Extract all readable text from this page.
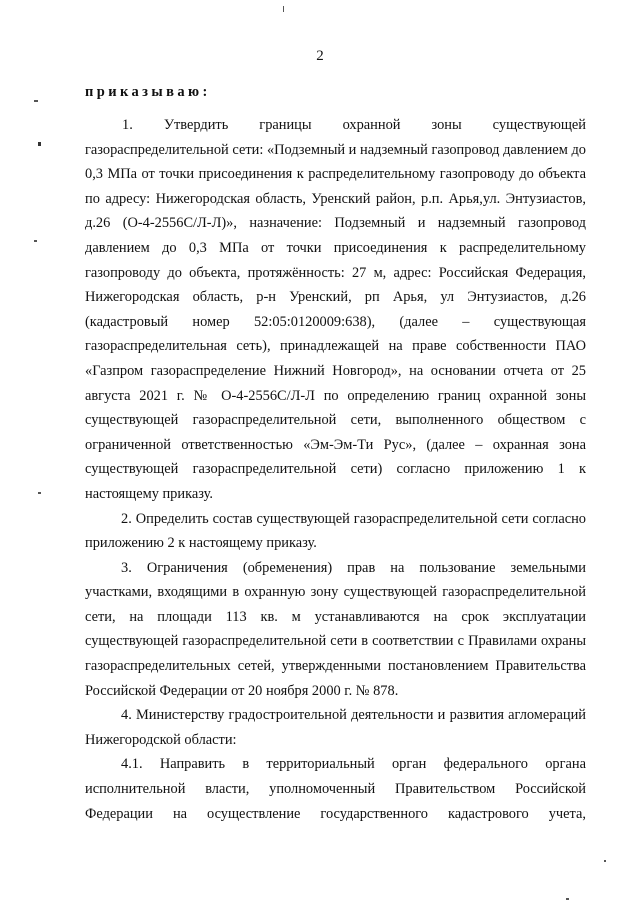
2
приказываю:

1. Утвердить границы охранной зоны существующей газораспределительной сети: «Подземный и надземный газопровод давлением до 0,3 МПа от точки присоединения к распределительному газопроводу до объекта по адресу: Нижегородская область, Уренский район, р.п. Арья,ул. Энтузиастов, д.26 (О-4-2556С/Л-Л)», назначение: Подземный и надземный газопровод давлением до 0,3 МПа от точки присоединения к распределительному газопроводу до объекта, протяжённость: 27 м, адрес: Российская Федерация, Нижегородская область, р-н Уренский, рп Арья, ул Энтузиастов, д.26 (кадастровый номер 52:05:0120009:638), (далее – существующая газораспределительная сеть), принадлежащей на праве собственности ПАО «Газпром газораспределение Нижний Новгород», на основании отчета от 25 августа 2021 г. № О-4-2556С/Л-Л по определению границ охранной зоны существующей газораспределительной сети, выполненного обществом с ограниченной ответственностью «Эм-Эм-Ти Рус», (далее – охранная зона существующей газораспределительной сети) согласно приложению 1 к настоящему приказу.

2. Определить состав существующей газораспределительной сети согласно приложению 2 к настоящему приказу.

3. Ограничения (обременения) прав на пользование земельными участками, входящими в охранную зону существующей газораспределительной сети, на площади 113 кв. м устанавливаются на срок эксплуатации существующей газораспределительной сети в соответствии с Правилами охраны газораспределительных сетей, утвержденными постановлением Правительства Российской Федерации от 20 ноября 2000 г. № 878.

4. Министерству градостроительной деятельности и развития агломераций Нижегородской области:

4.1. Направить в территориальный орган федерального органа исполнительной власти, уполномоченный Правительством Российской Федерации на осуществление государственного кадастрового учета,
